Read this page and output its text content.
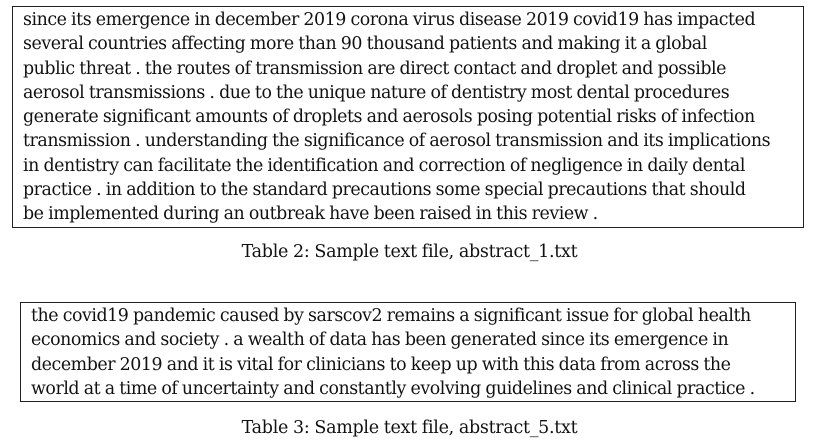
since its emergence in december 2019 corona virus disease 2019 covid19 has impacted
several countries affecting more than 90 thousand patients and making it a global
public threat . the routes of transmission are direct contact and droplet and possible
aerosol transmissions . due to the unique nature of dentistry most dental procedures
generate significant amounts of droplets and aerosols posing potential risks of infection
transmission . understanding the significance of aerosol transmission and its implications
in dentistry can facilitate the identification and correction of negligence in daily dental
practice . in addition to the standard precautions some special precautions that should
be implemented during an outbreak have been raised in this review .
Table 2: Sample text file, abstract_1.txt
the covid19 pandemic caused by sarscov2 remains a significant issue for global health
economics and society . a wealth of data has been generated since its emergence in
december 2019 and it is vital for clinicians to keep up with this data from across the
world at a time of uncertainty and constantly evolving guidelines and clinical practice .
Table 3: Sample text file, abstract_5.txt
